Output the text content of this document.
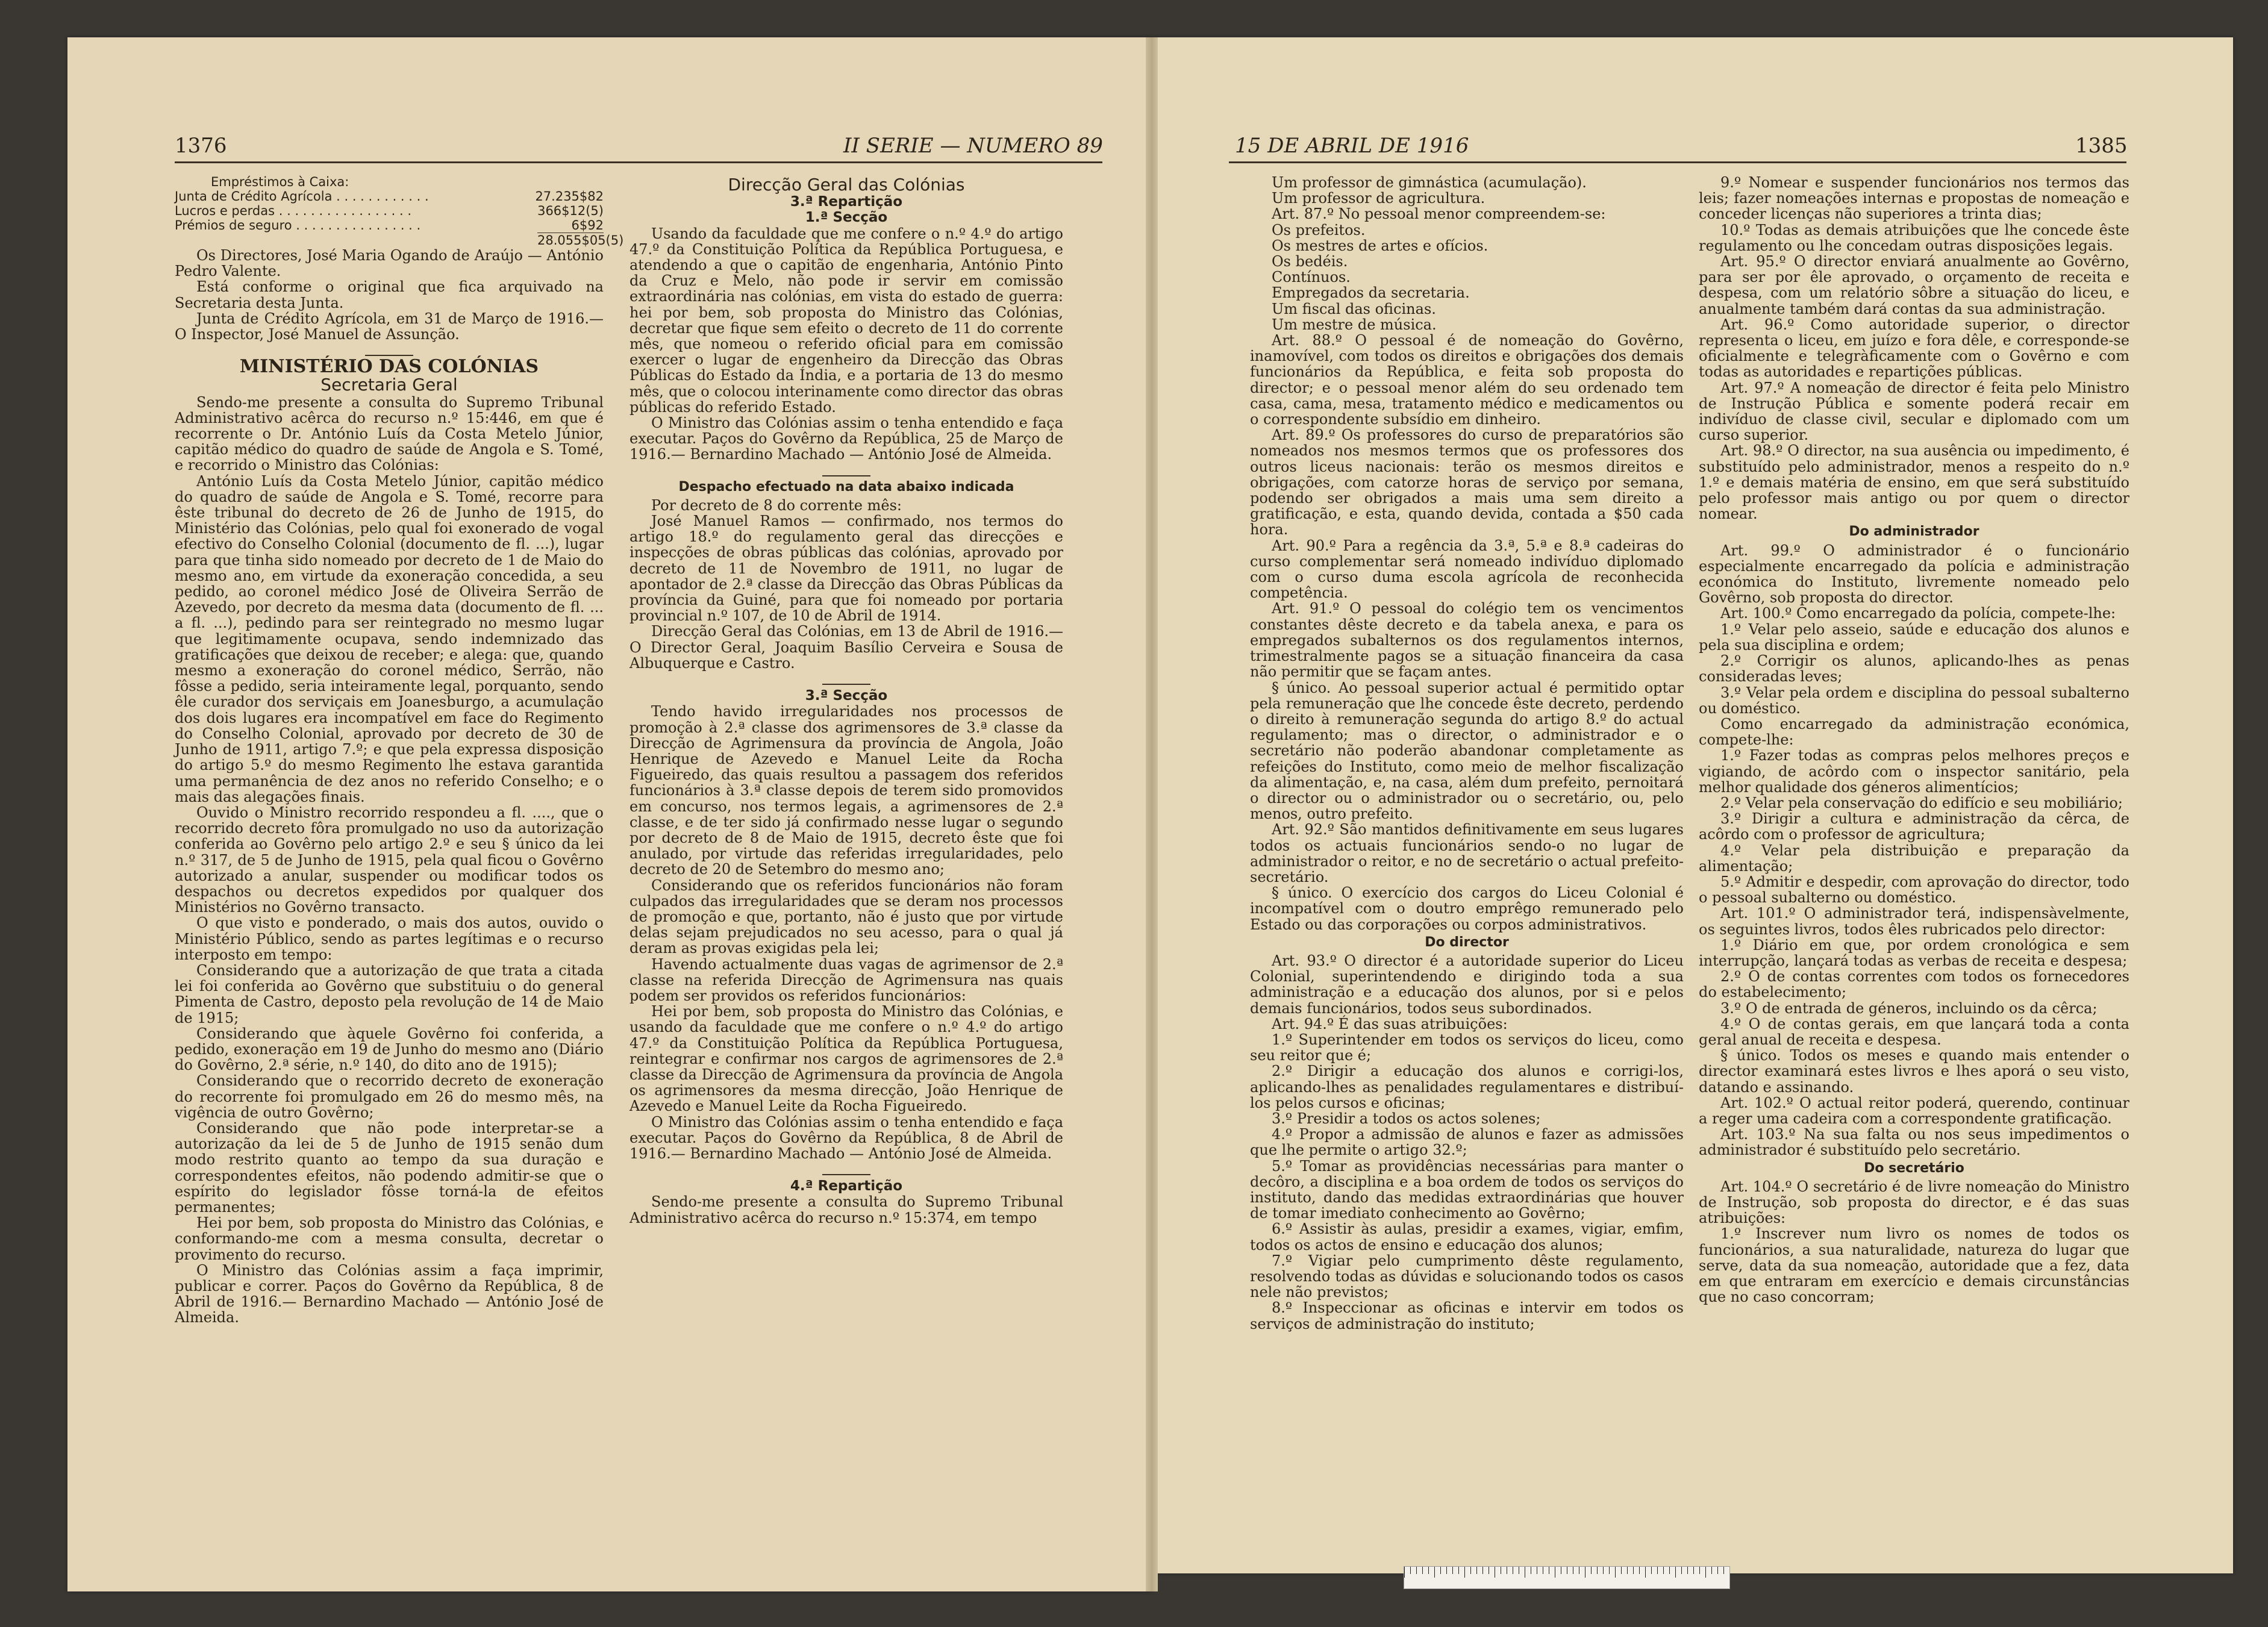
1376	II SERIE — NUMERO 89	15 DE ABRIL DE 1916	1385
Empréstimos à Caixa:
Junta de Crédito Agrícola . . . . . . . . . . . .	27.235$82
Lucros e perdas . . . . . . . . . . . . . . . . .	366$12(5)
Prémios de seguro . . . . . . . . . . . . . . . .	6$92
28.055$05(5)

Os Directores, José Maria Ogando de Araújo — António Pedro Valente.

Está conforme o original que fica arquivado na Secretaria desta Junta.

Junta de Crédito Agrícola, em 31 de Março de 1916.— O Inspector, José Manuel de Assunção.

MINISTÉRIO DAS COLÓNIAS
Secretaria Geral

Sendo-me presente a consulta do Supremo Tribunal Administrativo acêrca do recurso n.º 15:446, em que é recorrente o Dr. António Luís da Costa Metelo Júnior, capitão médico do quadro de saúde de Angola e S. Tomé, e recorrido o Ministro das Colónias:

António Luís da Costa Metelo Júnior, capitão médico do quadro de saúde de Angola e S. Tomé, recorre para êste tribunal do decreto de 26 de Junho de 1915, do Ministério das Colónias, pelo qual foi exonerado de vogal efectivo do Conselho Colonial (documento de fl. ...), lugar para que tinha sido nomeado por decreto de 1 de Maio do mesmo ano, em virtude da exoneração concedida, a seu pedido, ao coronel médico José de Oliveira Serrão de Azevedo, por decreto da mesma data (documento de fl. ... a fl. ...), pedindo para ser reintegrado no mesmo lugar que legitimamente ocupava, sendo indemnizado das gratificações que deixou de receber; e alega: que, quando mesmo a exoneração do coronel médico, Serrão, não fôsse a pedido, seria inteiramente legal, porquanto, sendo êle curador dos serviçais em Joanesburgo, a acumulação dos dois lugares era incompatível em face do Regimento do Conselho Colonial, aprovado por decreto de 30 de Junho de 1911, artigo 7.º; e que pela expressa disposição do artigo 5.º do mesmo Regimento lhe estava garantida uma permanência de dez anos no referido Conselho; e o mais das alegações finais.

Ouvido o Ministro recorrido respondeu a fl. ...., que o recorrido decreto fôra promulgado no uso da autorização conferida ao Govêrno pelo artigo 2.º e seu § único da lei n.º 317, de 5 de Junho de 1915, pela qual ficou o Govêrno autorizado a anular, suspender ou modificar todos os despachos ou decretos expedidos por qualquer dos Ministérios no Govêrno transacto.

O que visto e ponderado, o mais dos autos, ouvido o Ministério Público, sendo as partes legítimas e o recurso interposto em tempo:

Considerando que a autorização de que trata a citada lei foi conferida ao Govêrno que substituiu o do general Pimenta de Castro, deposto pela revolução de 14 de Maio de 1915;

Considerando que àquele Govêrno foi conferida, a pedido, exoneração em 19 de Junho do mesmo ano (Diário do Govêrno, 2.ª série, n.º 140, do dito ano de 1915);

Considerando que o recorrido decreto de exoneração do recorrente foi promulgado em 26 do mesmo mês, na vigência de outro Govêrno;

Considerando que não pode interpretar-se a autorização da lei de 5 de Junho de 1915 senão dum modo restrito quanto ao tempo da sua duração e correspondentes efeitos, não podendo admitir-se que o espírito do legislador fôsse torná-la de efeitos permanentes;

Hei por bem, sob proposta do Ministro das Colónias, e conformando-me com a mesma consulta, decretar o provimento do recurso.

O Ministro das Colónias assim a faça imprimir, publicar e correr. Paços do Govêrno da República, 8 de Abril de 1916.— Bernardino Machado — António José de Almeida.

Direcção Geral das Colónias
3.ª Repartição
1.ª Secção

Usando da faculdade que me confere o n.º 4.º do artigo 47.º da Constituição Política da República Portuguesa, e atendendo a que o capitão de engenharia, António Pinto da Cruz e Melo, não pode ir servir em comissão extraordinária nas colónias, em vista do estado de guerra: hei por bem, sob proposta do Ministro das Colónias, decretar que fique sem efeito o decreto de 11 do corrente mês, que nomeou o referido oficial para em comissão exercer o lugar de engenheiro da Direcção das Obras Públicas do Estado da Índia, e a portaria de 13 do mesmo mês, que o colocou interinamente como director das obras públicas do referido Estado.

O Ministro das Colónias assim o tenha entendido e faça executar. Paços do Govêrno da República, 25 de Março de 1916.— Bernardino Machado — António José de Almeida.

Despacho efectuado na data abaixo indicada

Por decreto de 8 do corrente mês:

José Manuel Ramos — confirmado, nos termos do artigo 18.º do regulamento geral das direcções e inspecções de obras públicas das colónias, aprovado por decreto de 11 de Novembro de 1911, no lugar de apontador de 2.ª classe da Direcção das Obras Públicas da província da Guiné, para que foi nomeado por portaria provincial n.º 107, de 10 de Abril de 1914.

Direcção Geral das Colónias, em 13 de Abril de 1916.— O Director Geral, Joaquim Basílio Cerveira e Sousa de Albuquerque e Castro.

3.ª Secção

Tendo havido irregularidades nos processos de promoção à 2.ª classe dos agrimensores de 3.ª classe da Direcção de Agrimensura da província de Angola, João Henrique de Azevedo e Manuel Leite da Rocha Figueiredo, das quais resultou a passagem dos referidos funcionários à 3.ª classe depois de terem sido promovidos em concurso, nos termos legais, a agrimensores de 2.ª classe, e de ter sido já confirmado nesse lugar o segundo por decreto de 8 de Maio de 1915, decreto êste que foi anulado, por virtude das referidas irregularidades, pelo decreto de 20 de Setembro do mesmo ano;

Considerando que os referidos funcionários não foram culpados das irregularidades que se deram nos processos de promoção e que, portanto, não é justo que por virtude delas sejam prejudicados no seu acesso, para o qual já deram as provas exigidas pela lei;

Havendo actualmente duas vagas de agrimensor de 2.ª classe na referida Direcção de Agrimensura nas quais podem ser providos os referidos funcionários:

Hei por bem, sob proposta do Ministro das Colónias, e usando da faculdade que me confere o n.º 4.º do artigo 47.º da Constituição Política da República Portuguesa, reintegrar e confirmar nos cargos de agrimensores de 2.ª classe da Direcção de Agrimensura da província de Angola os agrimensores da mesma direcção, João Henrique de Azevedo e Manuel Leite da Rocha Figueiredo.

O Ministro das Colónias assim o tenha entendido e faça executar. Paços do Govêrno da República, 8 de Abril de 1916.— Bernardino Machado — António José de Almeida.

4.ª Repartição

Sendo-me presente a consulta do Supremo Tribunal Administrativo acêrca do recurso n.º 15:374, em tempo

Um professor de gimnástica (acumulação).

Um professor de agricultura.

Art. 87.º No pessoal menor compreendem-se:

Os prefeitos.

Os mestres de artes e ofícios.

Os bedéis.

Contínuos.

Empregados da secretaria.

Um fiscal das oficinas.

Um mestre de música.

Art. 88.º O pessoal é de nomeação do Govêrno, inamovível, com todos os direitos e obrigações dos demais funcionários da República, e feita sob proposta do director; e o pessoal menor além do seu ordenado tem casa, cama, mesa, tratamento médico e medicamentos ou o correspondente subsídio em dinheiro.

Art. 89.º Os professores do curso de preparatórios são nomeados nos mesmos termos que os professores dos outros liceus nacionais: terão os mesmos direitos e obrigações, com catorze horas de serviço por semana, podendo ser obrigados a mais uma sem direito a gratificação, e esta, quando devida, contada a $50 cada hora.

Art. 90.º Para a regência da 3.ª, 5.ª e 8.ª cadeiras do curso complementar será nomeado indivíduo diplomado com o curso duma escola agrícola de reconhecida competência.

Art. 91.º O pessoal do colégio tem os vencimentos constantes dêste decreto e da tabela anexa, e para os empregados subalternos os dos regulamentos internos, trimestralmente pagos se a situação financeira da casa não permitir que se façam antes.

§ único. Ao pessoal superior actual é permitido optar pela remuneração que lhe concede êste decreto, perdendo o direito à remuneração segunda do artigo 8.º do actual regulamento; mas o director, o administrador e o secretário não poderão abandonar completamente as refeições do Instituto, como meio de melhor fiscalização da alimentação, e, na casa, além dum prefeito, pernoitará o director ou o administrador ou o secretário, ou, pelo menos, outro prefeito.

Art. 92.º São mantidos definitivamente em seus lugares todos os actuais funcionários sendo-o no lugar de administrador o reitor, e no de secretário o actual prefeito-secretário.

§ único. O exercício dos cargos do Liceu Colonial é incompatível com o doutro emprêgo remunerado pelo Estado ou das corporações ou corpos administrativos.

Do director

Art. 93.º O director é a autoridade superior do Liceu Colonial, superintendendo e dirigindo toda a sua administração e a educação dos alunos, por si e pelos demais funcionários, todos seus subordinados.

Art. 94.º É das suas atribuições:

1.º Superintender em todos os serviços do liceu, como seu reitor que é;

2.º Dirigir a educação dos alunos e corrigi-los, aplicando-lhes as penalidades regulamentares e distribuí-los pelos cursos e oficinas;

3.º Presidir a todos os actos solenes;

4.º Propor a admissão de alunos e fazer as admissões que lhe permite o artigo 32.º;

5.º Tomar as providências necessárias para manter o decôro, a disciplina e a boa ordem de todos os serviços do instituto, dando das medidas extraordinárias que houver de tomar imediato conhecimento ao Govêrno;

6.º Assistir às aulas, presidir a exames, vigiar, emfim, todos os actos de ensino e educação dos alunos;

7.º Vigiar pelo cumprimento dêste regulamento, resolvendo todas as dúvidas e solucionando todos os casos nele não previstos;

8.º Inspeccionar as oficinas e intervir em todos os serviços de administração do instituto;

9.º Nomear e suspender funcionários nos termos das leis; fazer nomeações internas e propostas de nomeação e conceder licenças não superiores a trinta dias;

10.º Todas as demais atribuições que lhe concede êste regulamento ou lhe concedam outras disposições legais.

Art. 95.º O director enviará anualmente ao Govêrno, para ser por êle aprovado, o orçamento de receita e despesa, com um relatório sôbre a situação do liceu, e anualmente também dará contas da sua administração.

Art. 96.º Como autoridade superior, o director representa o liceu, em juízo e fora dêle, e corresponde-se oficialmente e telegràficamente com o Govêrno e com todas as autoridades e repartições públicas.

Art. 97.º A nomeação de director é feita pelo Ministro de Instrução Pública e somente poderá recair em indivíduo de classe civil, secular e diplomado com um curso superior.

Art. 98.º O director, na sua ausência ou impedimento, é substituído pelo administrador, menos a respeito do n.º 1.º e demais matéria de ensino, em que será substituído pelo professor mais antigo ou por quem o director nomear.

Do administrador

Art. 99.º O administrador é o funcionário especialmente encarregado da polícia e administração económica do Instituto, livremente nomeado pelo Govêrno, sob proposta do director.

Art. 100.º Como encarregado da polícia, compete-lhe:

1.º Velar pelo asseio, saúde e educação dos alunos e pela sua disciplina e ordem;

2.º Corrigir os alunos, aplicando-lhes as penas consideradas leves;

3.º Velar pela ordem e disciplina do pessoal subalterno ou doméstico.

Como encarregado da administração económica, compete-lhe:

1.º Fazer todas as compras pelos melhores preços e vigiando, de acôrdo com o inspector sanitário, pela melhor qualidade dos géneros alimentícios;

2.º Velar pela conservação do edifício e seu mobiliário;

3.º Dirigir a cultura e administração da cêrca, de acôrdo com o professor de agricultura;

4.º Velar pela distribuição e preparação da alimentação;

5.º Admitir e despedir, com aprovação do director, todo o pessoal subalterno ou doméstico.

Art. 101.º O administrador terá, indispensàvelmente, os seguintes livros, todos êles rubricados pelo director:

1.º Diário em que, por ordem cronológica e sem interrupção, lançará todas as verbas de receita e despesa;

2.º O de contas correntes com todos os fornecedores do estabelecimento;

3.º O de entrada de géneros, incluindo os da cêrca;

4.º O de contas gerais, em que lançará toda a conta geral anual de receita e despesa.

§ único. Todos os meses e quando mais entender o director examinará estes livros e lhes aporá o seu visto, datando e assinando.

Art. 102.º O actual reitor poderá, querendo, continuar a reger uma cadeira com a correspondente gratificação.

Art. 103.º Na sua falta ou nos seus impedimentos o administrador é substituído pelo secretário.

Do secretário

Art. 104.º O secretário é de livre nomeação do Ministro de Instrução, sob proposta do director, e é das suas atribuições:

1.º Inscrever num livro os nomes de todos os funcionários, a sua naturalidade, natureza do lugar que serve, data da sua nomeação, autoridade que a fez, data em que entraram em exercício e demais circunstâncias que no caso concorram;
